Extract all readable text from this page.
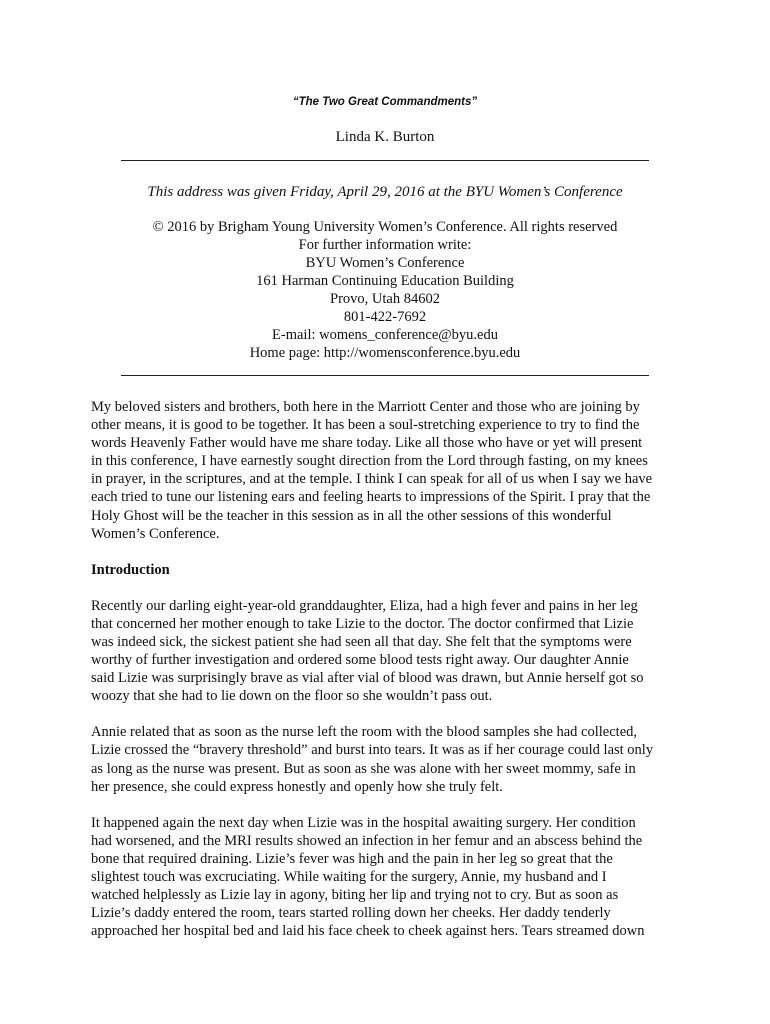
“The Two Great Commandments”
Linda K. Burton
This address was given Friday, April 29, 2016 at the BYU Women’s Conference
© 2016 by Brigham Young University Women’s Conference. All rights reserved
For further information write:
BYU Women’s Conference
161 Harman Continuing Education Building
Provo, Utah 84602
801-422-7692
E-mail: womens_conference@byu.edu
Home page: http://womensconference.byu.edu
My beloved sisters and brothers, both here in the Marriott Center and those who are joining by
other means, it is good to be together. It has been a soul-stretching experience to try to find the
words Heavenly Father would have me share today. Like all those who have or yet will present
in this conference, I have earnestly sought direction from the Lord through fasting, on my knees
in prayer, in the scriptures, and at the temple. I think I can speak for all of us when I say we have
each tried to tune our listening ears and feeling hearts to impressions of the Spirit. I pray that the
Holy Ghost will be the teacher in this session as in all the other sessions of this wonderful
Women’s Conference.
Introduction
Recently our darling eight-year-old granddaughter, Eliza, had a high fever and pains in her leg
that concerned her mother enough to take Lizie to the doctor. The doctor confirmed that Lizie
was indeed sick, the sickest patient she had seen all that day. She felt that the symptoms were
worthy of further investigation and ordered some blood tests right away. Our daughter Annie
said Lizie was surprisingly brave as vial after vial of blood was drawn, but Annie herself got so
woozy that she had to lie down on the floor so she wouldn’t pass out.
Annie related that as soon as the nurse left the room with the blood samples she had collected,
Lizie crossed the “bravery threshold” and burst into tears. It was as if her courage could last only
as long as the nurse was present. But as soon as she was alone with her sweet mommy, safe in
her presence, she could express honestly and openly how she truly felt.
It happened again the next day when Lizie was in the hospital awaiting surgery. Her condition
had worsened, and the MRI results showed an infection in her femur and an abscess behind the
bone that required draining. Lizie’s fever was high and the pain in her leg so great that the
slightest touch was excruciating. While waiting for the surgery, Annie, my husband and I
watched helplessly as Lizie lay in agony, biting her lip and trying not to cry. But as soon as
Lizie’s daddy entered the room, tears started rolling down her cheeks. Her daddy tenderly
approached her hospital bed and laid his face cheek to cheek against hers. Tears streamed down
